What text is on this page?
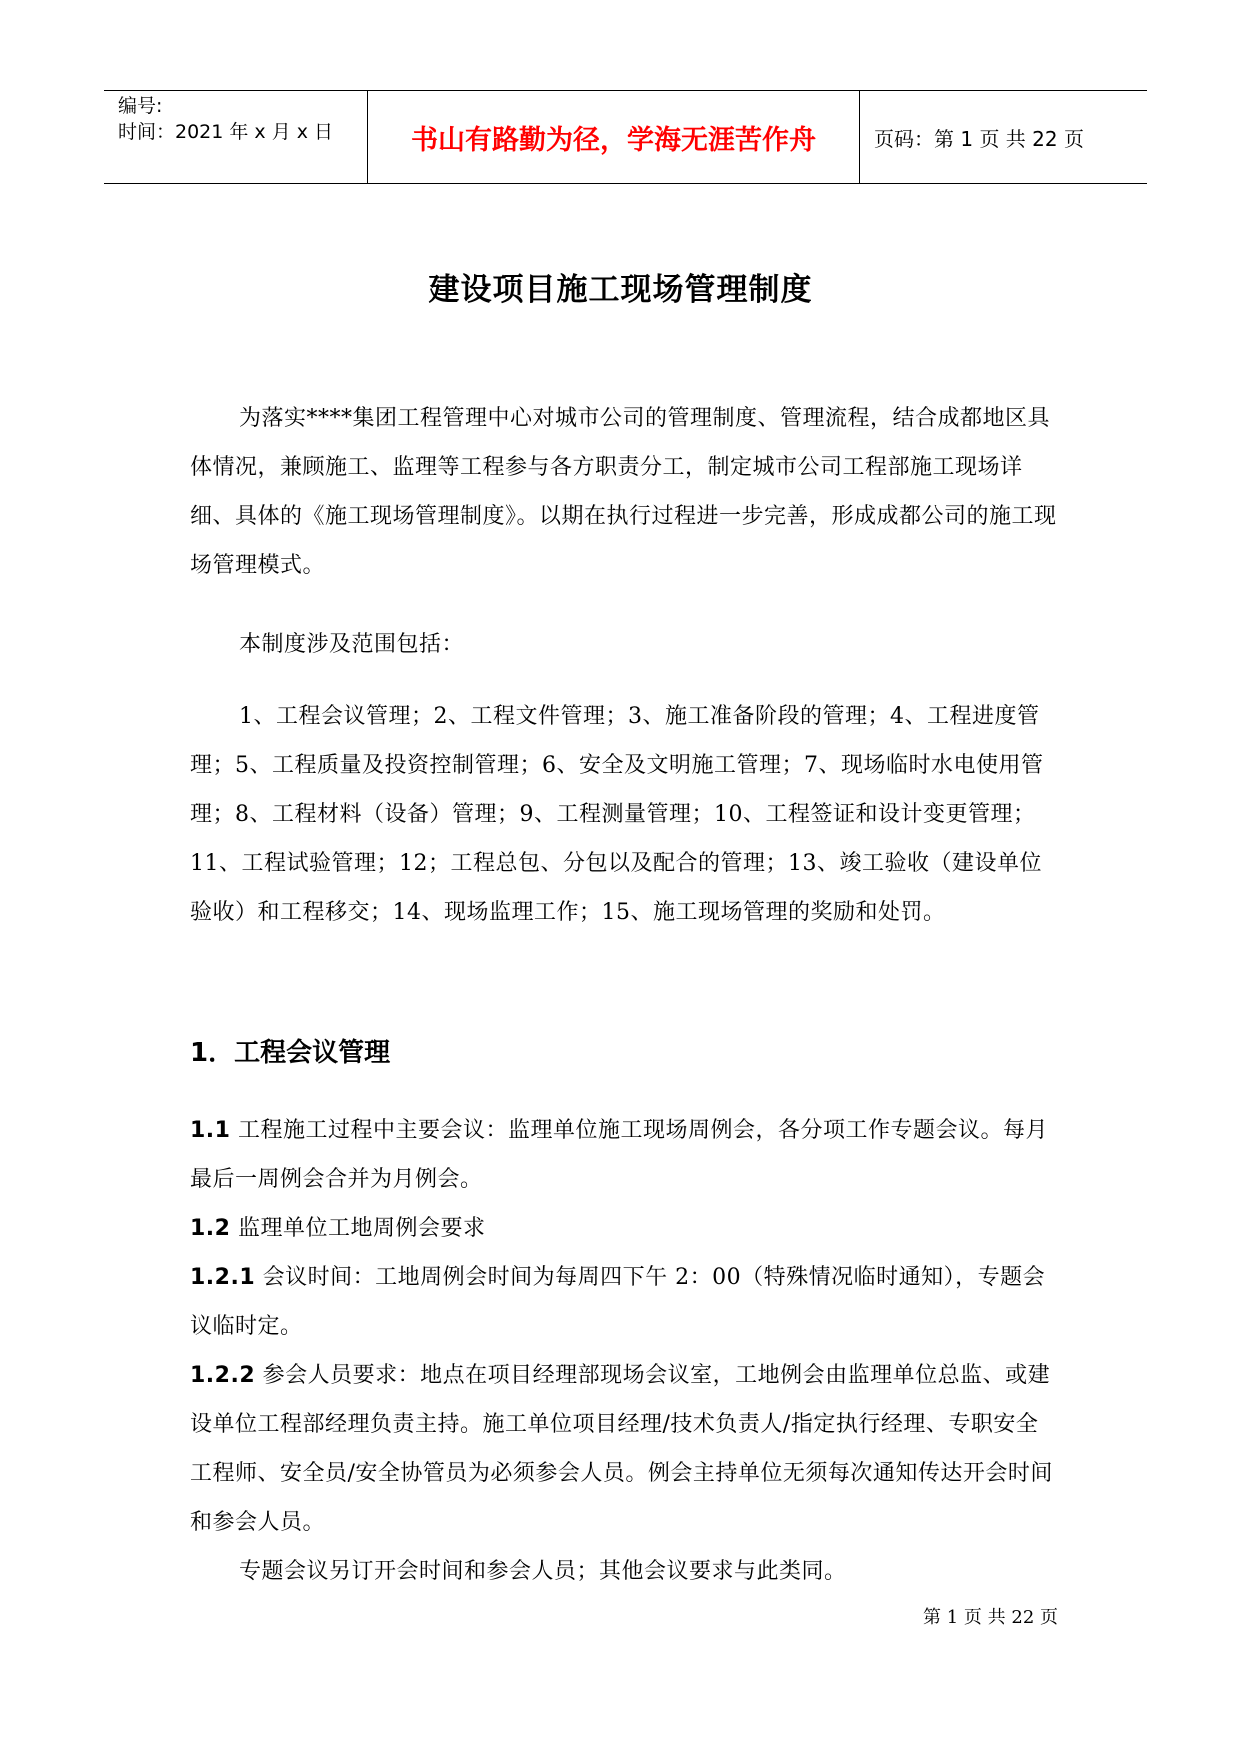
编号:
时间：2021 年 x 月 x 日	书山有路勤为径，学海无涯苦作舟	页码：第 1 页 共 22 页
建设项目施工现场管理制度
为落实****集团工程管理中心对城市公司的管理制度、管理流程，结合成都地区具体情况，兼顾施工、监理等工程参与各方职责分工，制定城市公司工程部施工现场详细、具体的《施工现场管理制度》。以期在执行过程进一步完善，形成成都公司的施工现场管理模式。
本制度涉及范围包括：
1、工程会议管理；2、工程文件管理；3、施工准备阶段的管理；4、工程进度管理；5、工程质量及投资控制管理；6、安全及文明施工管理；7、现场临时水电使用管理；8、工程材料（设备）管理；9、工程测量管理；10、工程签证和设计变更管理；11、工程试验管理；12；工程总包、分包以及配合的管理；13、竣工验收（建设单位验收）和工程移交；14、现场监理工作；15、施工现场管理的奖励和处罚。
1．工程会议管理
1.1 工程施工过程中主要会议：监理单位施工现场周例会，各分项工作专题会议。每月最后一周例会合并为月例会。
1.2 监理单位工地周例会要求
1.2.1 会议时间：工地周例会时间为每周四下午 2：00（特殊情况临时通知），专题会议临时定。
1.2.2 参会人员要求：地点在项目经理部现场会议室，工地例会由监理单位总监、或建设单位工程部经理负责主持。施工单位项目经理/技术负责人/指定执行经理、专职安全工程师、安全员/安全协管员为必须参会人员。例会主持单位无须每次通知传达开会时间和参会人员。
专题会议另订开会时间和参会人员；其他会议要求与此类同。
第 1 页 共 22 页
